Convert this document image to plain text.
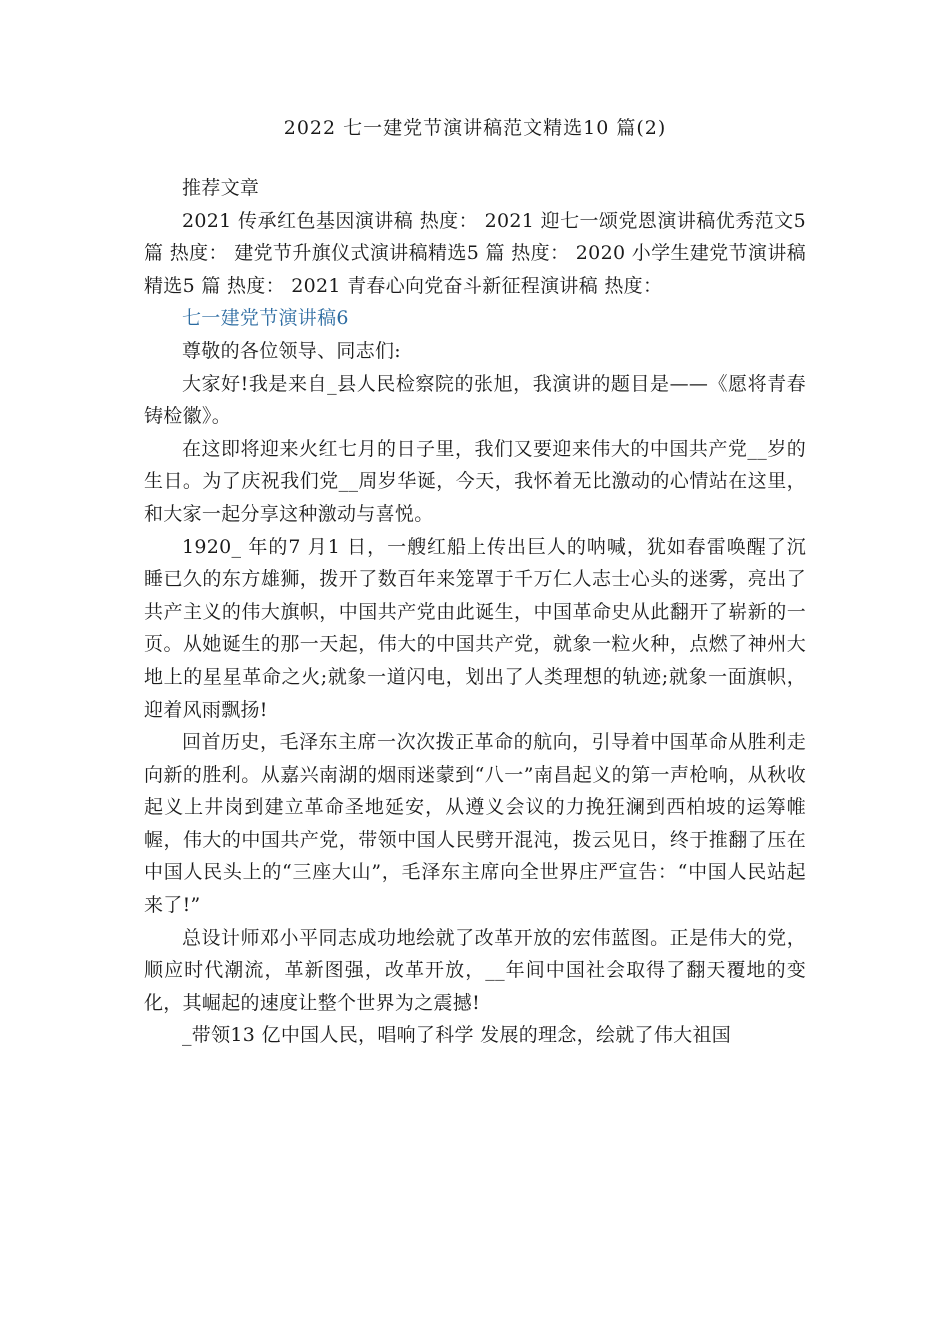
2022 七一建党节演讲稿范文精选10 篇(2)

推荐文章

2021 传承红色基因演讲稿 热度： 2021 迎七一颂党恩演讲稿优秀范文5 篇 热度： 建党节升旗仪式演讲稿精选5 篇 热度： 2020 小学生建党节演讲稿精选5 篇 热度： 2021 青春心向党奋斗新征程演讲稿 热度：

七一建党节演讲稿6

尊敬的各位领导、同志们:

大家好!我是来自_县人民检察院的张旭，我演讲的题目是——《愿将青春铸检徽》。

在这即将迎来火红七月的日子里，我们又要迎来伟大的中国共产党__岁的生日。为了庆祝我们党__周岁华诞，今天，我怀着无比激动的心情站在这里，和大家一起分享这种激动与喜悦。

1920_ 年的7 月1 日，一艘红船上传出巨人的呐喊，犹如春雷唤醒了沉睡已久的东方雄狮，拨开了数百年来笼罩于千万仁人志士心头的迷雾，亮出了共产主义的伟大旗帜，中国共产党由此诞生，中国革命史从此翻开了崭新的一页。从她诞生的那一天起，伟大的中国共产党，就象一粒火种，点燃了神州大地上的星星革命之火;就象一道闪电，划出了人类理想的轨迹;就象一面旗帜，迎着风雨飘扬!

回首历史，毛泽东主席一次次拨正革命的航向，引导着中国革命从胜利走向新的胜利。从嘉兴南湖的烟雨迷蒙到“八一”南昌起义的第一声枪响，从秋收起义上井岗到建立革命圣地延安，从遵义会议的力挽狂澜到西柏坡的运筹帷幄，伟大的中国共产党，带领中国人民劈开混沌，拨云见日，终于推翻了压在中国人民头上的“三座大山”，毛泽东主席向全世界庄严宣告：“中国人民站起来了!”

总设计师邓小平同志成功地绘就了改革开放的宏伟蓝图。正是伟大的党，顺应时代潮流，革新图强，改革开放，__年间中国社会取得了翻天覆地的变化，其崛起的速度让整个世界为之震撼!

_带领13 亿中国人民，唱响了科学 发展的理念，绘就了伟大祖国
